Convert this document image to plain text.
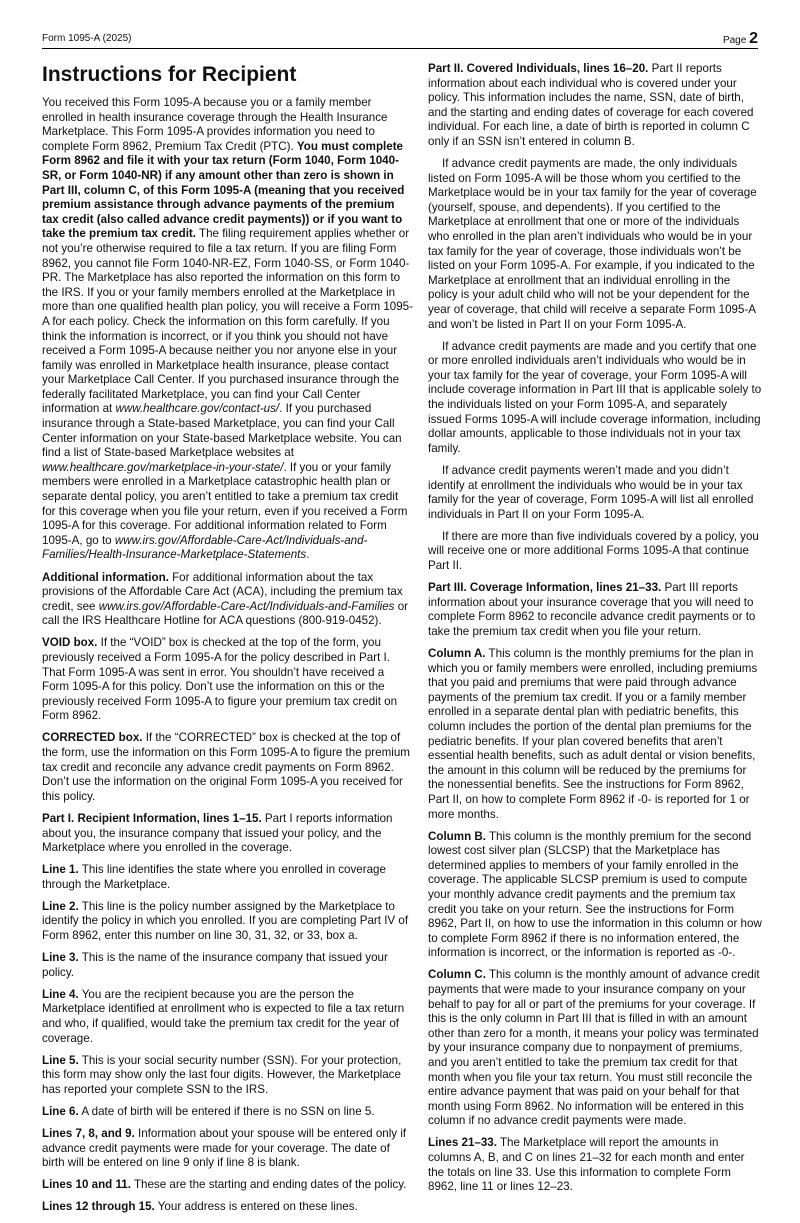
Form 1095-A (2025)	Page 2
Instructions for Recipient

You received this Form 1095-A because you or a family member enrolled in health insurance coverage through the Health Insurance Marketplace. This Form 1095-A provides information you need to complete Form 8962, Premium Tax Credit (PTC). You must complete Form 8962 and file it with your tax return (Form 1040, Form 1040-SR, or Form 1040-NR) if any amount other than zero is shown in Part III, column C, of this Form 1095-A (meaning that you received premium assistance through advance payments of the premium tax credit (also called advance credit payments)) or if you want to take the premium tax credit. The filing requirement applies whether or not you’re otherwise required to file a tax return. If you are filing Form 8962, you cannot file Form 1040-NR-EZ, Form 1040-SS, or Form 1040-PR. The Marketplace has also reported the information on this form to the IRS. If you or your family members enrolled at the Marketplace in more than one qualified health plan policy, you will receive a Form 1095-A for each policy. Check the information on this form carefully. If you think the information is incorrect, or if you think you should not have received a Form 1095-A because neither you nor anyone else in your family was enrolled in Marketplace health insurance, please contact your Marketplace Call Center. If you purchased insurance through the federally facilitated Marketplace, you can find your Call Center information at www.healthcare.gov/contact-us/. If you purchased insurance through a State-based Marketplace, you can find your Call Center information on your State-based Marketplace website. You can find a list of State-based Marketplace websites at www.healthcare.gov/marketplace-in-your-state/. If you or your family members were enrolled in a Marketplace catastrophic health plan or separate dental policy, you aren’t entitled to take a premium tax credit for this coverage when you file your return, even if you received a Form 1095-A for this coverage. For additional information related to Form 1095-A, go to www.irs.gov/Affordable-Care-Act/Individuals-and-Families/Health-Insurance-Marketplace-Statements.

Additional information. For additional information about the tax provisions of the Affordable Care Act (ACA), including the premium tax credit, see www.irs.gov/Affordable-Care-Act/Individuals-and-Families or call the IRS Healthcare Hotline for ACA questions (800-919-0452).

VOID box. If the “VOID” box is checked at the top of the form, you previously received a Form 1095-A for the policy described in Part I. That Form 1095-A was sent in error. You shouldn’t have received a Form 1095-A for this policy. Don’t use the information on this or the previously received Form 1095-A to figure your premium tax credit on Form 8962.

CORRECTED box. If the “CORRECTED” box is checked at the top of the form, use the information on this Form 1095-A to figure the premium tax credit and reconcile any advance credit payments on Form 8962. Don’t use the information on the original Form 1095-A you received for this policy.

Part I. Recipient Information, lines 1–15. Part I reports information about you, the insurance company that issued your policy, and the Marketplace where you enrolled in the coverage.

Line 1. This line identifies the state where you enrolled in coverage through the Marketplace.

Line 2. This line is the policy number assigned by the Marketplace to identify the policy in which you enrolled. If you are completing Part IV of Form 8962, enter this number on line 30, 31, 32, or 33, box a.

Line 3. This is the name of the insurance company that issued your policy.

Line 4. You are the recipient because you are the person the Marketplace identified at enrollment who is expected to file a tax return and who, if qualified, would take the premium tax credit for the year of coverage.

Line 5. This is your social security number (SSN). For your protection, this form may show only the last four digits. However, the Marketplace has reported your complete SSN to the IRS.

Line 6. A date of birth will be entered if there is no SSN on line 5.

Lines 7, 8, and 9. Information about your spouse will be entered only if advance credit payments were made for your coverage. The date of birth will be entered on line 9 only if line 8 is blank.

Lines 10 and 11. These are the starting and ending dates of the policy.

Lines 12 through 15. Your address is entered on these lines.

Part II. Covered Individuals, lines 16–20. Part II reports information about each individual who is covered under your policy. This information includes the name, SSN, date of birth, and the starting and ending dates of coverage for each covered individual. For each line, a date of birth is reported in column C only if an SSN isn’t entered in column B.

If advance credit payments are made, the only individuals listed on Form 1095-A will be those whom you certified to the Marketplace would be in your tax family for the year of coverage (yourself, spouse, and dependents). If you certified to the Marketplace at enrollment that one or more of the individuals who enrolled in the plan aren’t individuals who would be in your tax family for the year of coverage, those individuals won’t be listed on your Form 1095-A. For example, if you indicated to the Marketplace at enrollment that an individual enrolling in the policy is your adult child who will not be your dependent for the year of coverage, that child will receive a separate Form 1095-A and won’t be listed in Part II on your Form 1095-A.

If advance credit payments are made and you certify that one or more enrolled individuals aren’t individuals who would be in your tax family for the year of coverage, your Form 1095-A will include coverage information in Part III that is applicable solely to the individuals listed on your Form 1095-A, and separately issued Forms 1095-A will include coverage information, including dollar amounts, applicable to those individuals not in your tax family.

If advance credit payments weren’t made and you didn’t identify at enrollment the individuals who would be in your tax family for the year of coverage, Form 1095-A will list all enrolled individuals in Part II on your Form 1095-A.

If there are more than five individuals covered by a policy, you will receive one or more additional Forms 1095-A that continue Part II.

Part III. Coverage Information, lines 21–33. Part III reports information about your insurance coverage that you will need to complete Form 8962 to reconcile advance credit payments or to take the premium tax credit when you file your return.

Column A. This column is the monthly premiums for the plan in which you or family members were enrolled, including premiums that you paid and premiums that were paid through advance payments of the premium tax credit. If you or a family member enrolled in a separate dental plan with pediatric benefits, this column includes the portion of the dental plan premiums for the pediatric benefits. If your plan covered benefits that aren’t essential health benefits, such as adult dental or vision benefits, the amount in this column will be reduced by the premiums for the nonessential benefits. See the instructions for Form 8962, Part II, on how to complete Form 8962 if -0- is reported for 1 or more months.

Column B. This column is the monthly premium for the second lowest cost silver plan (SLCSP) that the Marketplace has determined applies to members of your family enrolled in the coverage. The applicable SLCSP premium is used to compute your monthly advance credit payments and the premium tax credit you take on your return. See the instructions for Form 8962, Part II, on how to use the information in this column or how to complete Form 8962 if there is no information entered, the information is incorrect, or the information is reported as -0-.

Column C. This column is the monthly amount of advance credit payments that were made to your insurance company on your behalf to pay for all or part of the premiums for your coverage. If this is the only column in Part III that is filled in with an amount other than zero for a month, it means your policy was terminated by your insurance company due to nonpayment of premiums, and you aren’t entitled to take the premium tax credit for that month when you file your tax return. You must still reconcile the entire advance payment that was paid on your behalf for that month using Form 8962. No information will be entered in this column if no advance credit payments were made.

Lines 21–33. The Marketplace will report the amounts in columns A, B, and C on lines 21–32 for each month and enter the totals on line 33. Use this information to complete Form 8962, line 11 or lines 12–23.
